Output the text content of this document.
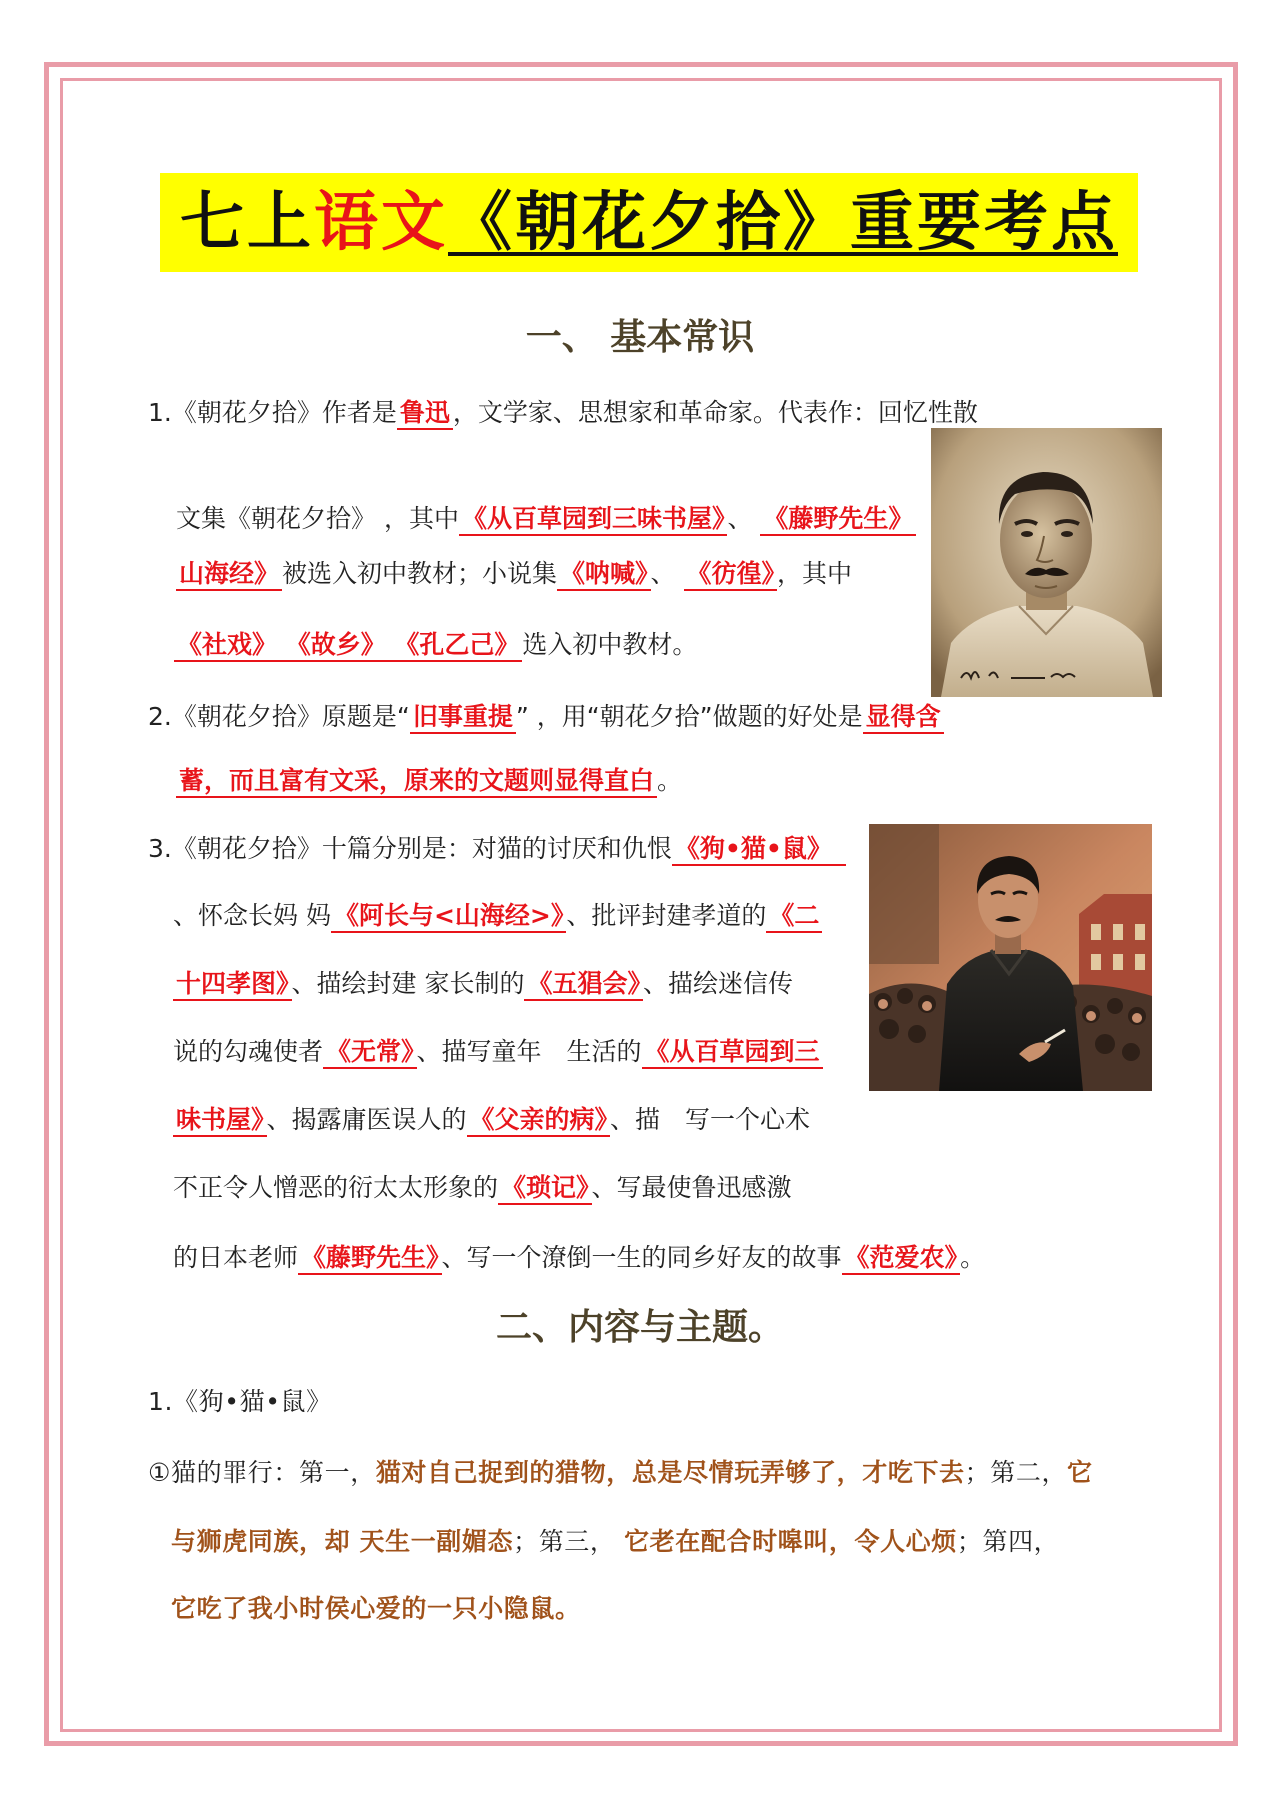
七上语文《朝花夕拾》重要考点
一、 基本常识
1.《朝花夕拾》作者是 鲁迅 ，文学家、思想家和革命家。代表作：回忆性散
文集《朝花夕拾》 ，其中 《从百草园到三味书屋》 、 《藤野先生》
山海经》 被选入初中教材；小说集 《呐喊》 、 《彷徨》 ，其中
《社戏》 《故乡》 《孔乙己》 选入初中教材。
2.《朝花夕拾》原题是“ 旧事重提 ” ，用“朝花夕拾”做题的好处是 显得含
蓄，而且富有文采，原来的文题则显得直白 。
3.《朝花夕拾》十篇分别是：对猫的讨厌和仇恨 《狗•猫•鼠》
、怀念长妈 妈 《阿长与<山海经>》 、批评封建孝道的 《二
十四孝图》 、描绘封建 家长制的 《五猖会》 、描绘迷信传
说的勾魂使者 《无常》 、描写童年　生活的 《从百草园到三
味书屋》 、揭露庸医误人的 《父亲的病》 、描　写一个心术
不正令人憎恶的衍太太形象的 《琐记》 、写最使鲁迅感激
的日本老师 《藤野先生》 、写一个潦倒一生的同乡好友的故事 《范爱农》 。
二、内容与主题。
1.《狗•猫•鼠》
①猫的罪行：第一，猫对自己捉到的猎物，总是尽情玩弄够了，才吃下去；第二，它
与狮虎同族，却 天生一副媚态；第三， 它老在配合时嗥叫，令人心烦；第四，
它吃了我小时侯心爱的一只小隐鼠。
